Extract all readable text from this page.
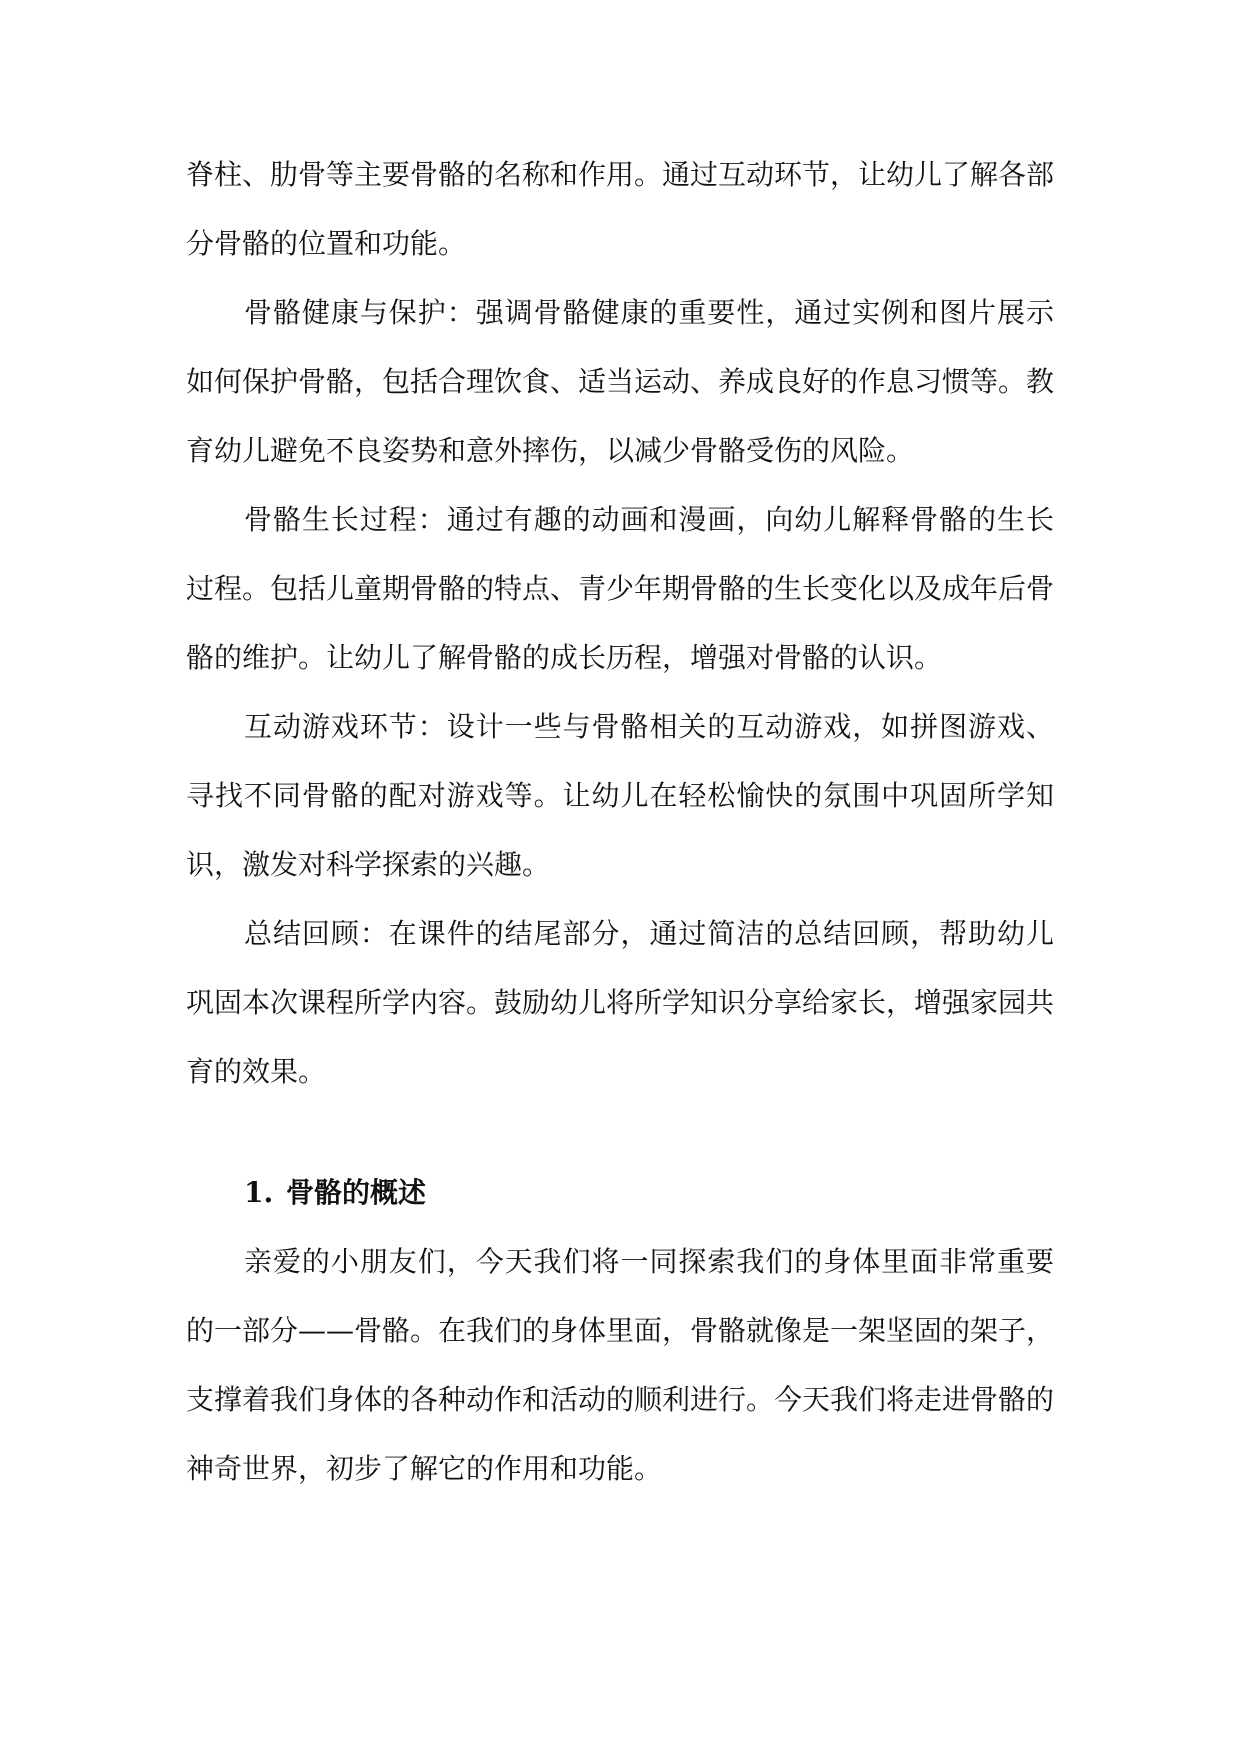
脊柱、肋骨等主要骨骼的名称和作用。通过互动环节，让幼儿了解各部分骨骼的位置和功能。

骨骼健康与保护：强调骨骼健康的重要性，通过实例和图片展示如何保护骨骼，包括合理饮食、适当运动、养成良好的作息习惯等。教育幼儿避免不良姿势和意外摔伤，以减少骨骼受伤的风险。

骨骼生长过程：通过有趣的动画和漫画，向幼儿解释骨骼的生长过程。包括儿童期骨骼的特点、青少年期骨骼的生长变化以及成年后骨骼的维护。让幼儿了解骨骼的成长历程，增强对骨骼的认识。

互动游戏环节：设计一些与骨骼相关的互动游戏，如拼图游戏、寻找不同骨骼的配对游戏等。让幼儿在轻松愉快的氛围中巩固所学知识，激发对科学探索的兴趣。

总结回顾：在课件的结尾部分，通过简洁的总结回顾，帮助幼儿巩固本次课程所学内容。鼓励幼儿将所学知识分享给家长，增强家园共育的效果。

1. 骨骼的概述

亲爱的小朋友们，今天我们将一同探索我们的身体里面非常重要的一部分——骨骼。在我们的身体里面，骨骼就像是一架坚固的架子，支撑着我们身体的各种动作和活动的顺利进行。今天我们将走进骨骼的神奇世界，初步了解它的作用和功能。
